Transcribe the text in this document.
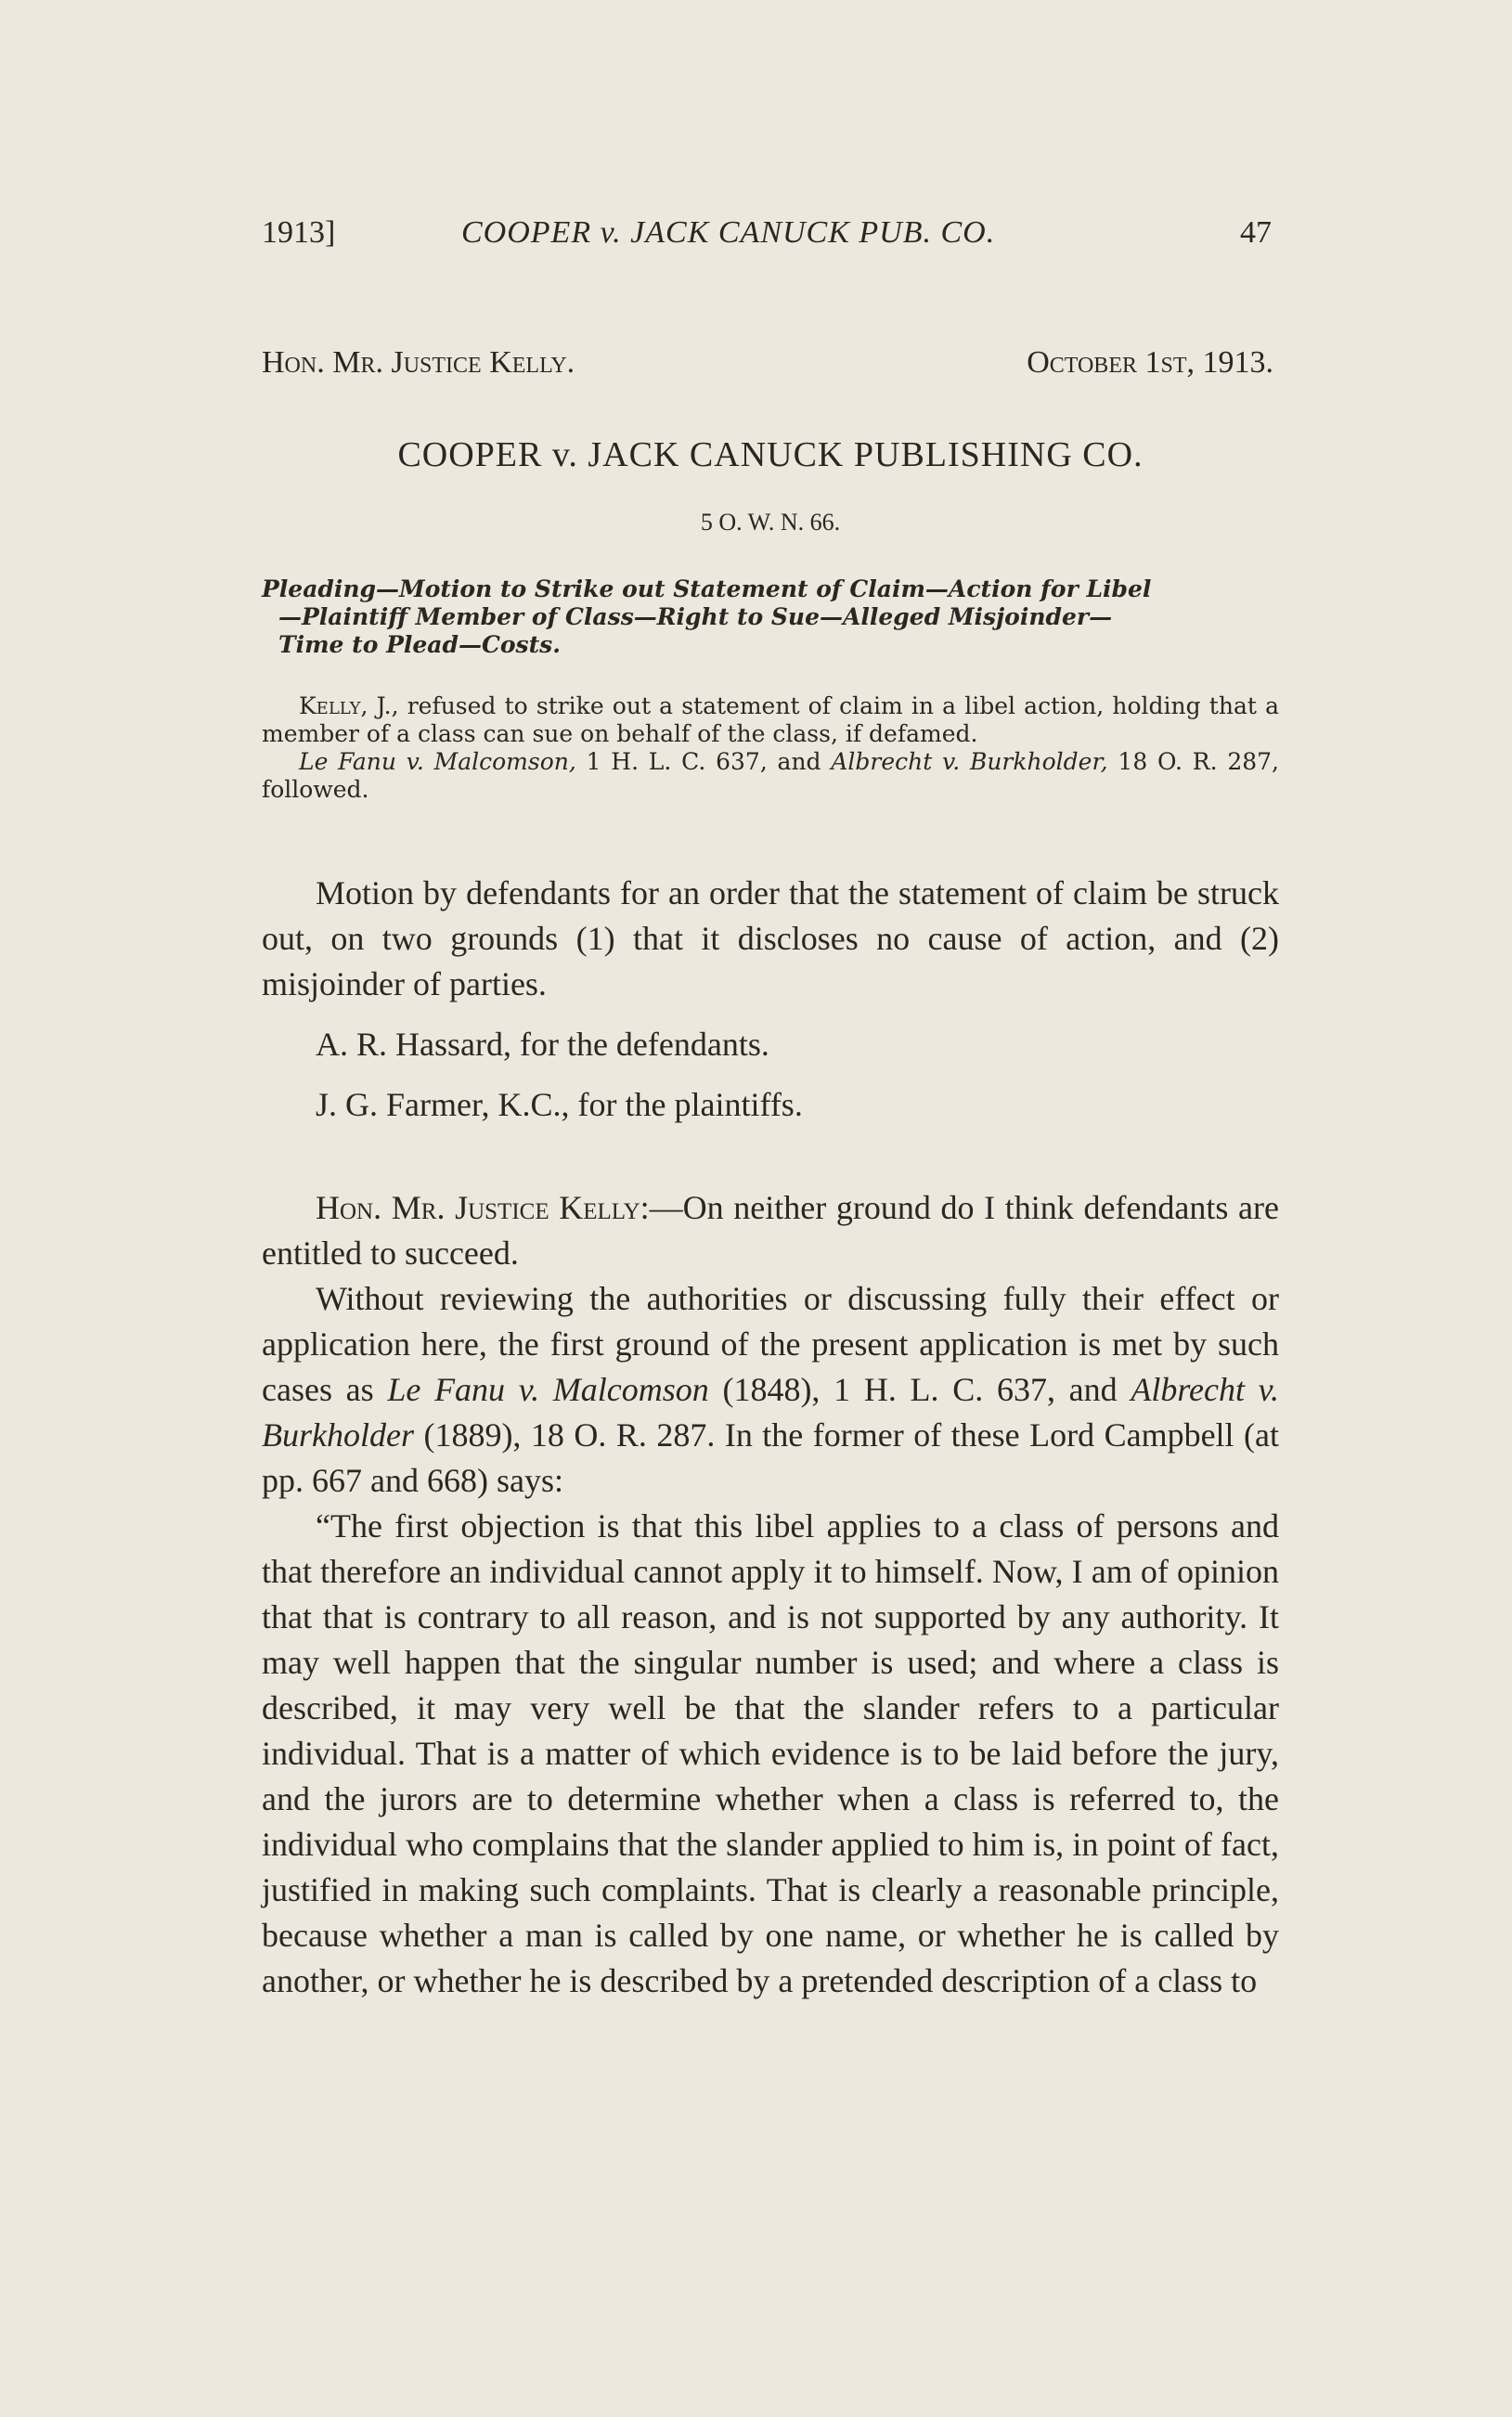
1913]	COOPER v. JACK CANUCK PUB. CO.	47
Hon. Mr. Justice Kelly.	October 1st, 1913.
COOPER v. JACK CANUCK PUBLISHING CO.
5 O. W. N. 66.

Pleading—Motion to Strike out Statement of Claim—Action for Libel

—Plaintiff Member of Class—Right to Sue—Alleged Misjoinder—

Time to Plead—Costs.

Kelly, J., refused to strike out a statement of claim in a libel action, holding that a member of a class can sue on behalf of the class, if defamed.

Le Fanu v. Malcomson, 1 H. L. C. 637, and Albrecht v. Burkholder, 18 O. R. 287, followed.

Motion by defendants for an order that the statement of claim be struck out, on two grounds (1) that it discloses no cause of action, and (2) misjoinder of parties.

A. R. Hassard, for the defendants.

J. G. Farmer, K.C., for the plaintiffs.

Hon. Mr. Justice Kelly:—On neither ground do I think defendants are entitled to succeed.

Without reviewing the authorities or discussing fully their effect or application here, the first ground of the present application is met by such cases as Le Fanu v. Malcomson (1848), 1 H. L. C. 637, and Albrecht v. Burkholder (1889), 18 O. R. 287. In the former of these Lord Campbell (at pp. 667 and 668) says:

“The first objection is that this libel applies to a class of persons and that therefore an individual cannot apply it to himself. Now, I am of opinion that that is contrary to all reason, and is not supported by any authority. It may well happen that the singular number is used; and where a class is described, it may very well be that the slander refers to a particular individual. That is a matter of which evidence is to be laid before the jury, and the jurors are to determine whether when a class is referred to, the individual who complains that the slander applied to him is, in point of fact, justified in making such complaints. That is clearly a reasonable principle, because whether a man is called by one name, or whether he is called by another, or whether he is described by a pretended description of a class to
